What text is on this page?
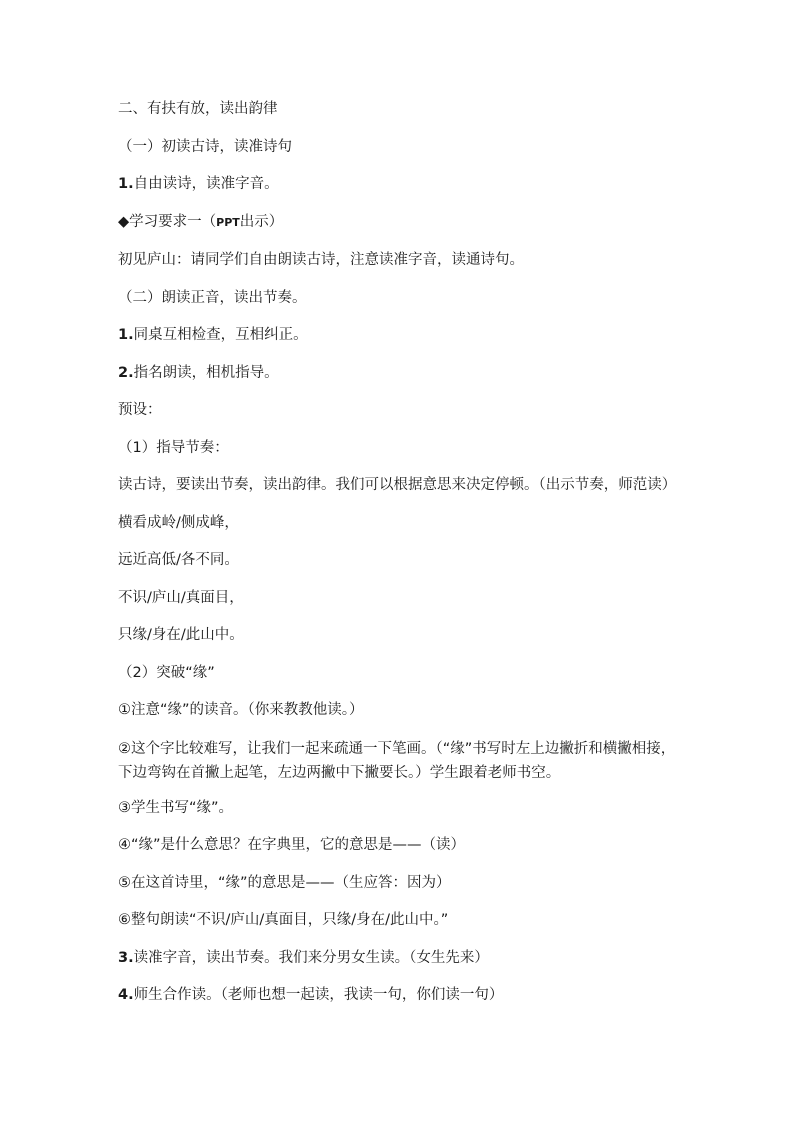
二、有扶有放，读出韵律

（一）初读古诗，读准诗句

1.自由读诗，读准字音。

◆学习要求一（PPT出示）

初见庐山：请同学们自由朗读古诗，注意读准字音，读通诗句。

（二）朗读正音，读出节奏。

1.同桌互相检查，互相纠正。

2.指名朗读，相机指导。

预设：

（1）指导节奏：

读古诗，要读出节奏，读出韵律。我们可以根据意思来决定停顿。（出示节奏，师范读）

横看成岭/侧成峰，

远近高低/各不同。

不识/庐山/真面目，

只缘/身在/此山中。

（2）突破“缘”

①注意“缘”的读音。（你来教教他读。）

②这个字比较难写，让我们一起来疏通一下笔画。（“缘”书写时左上边撇折和横撇相接，下边弯钩在首撇上起笔，左边两撇中下撇要长。）学生跟着老师书空。

③学生书写“缘”。

④“缘”是什么意思？在字典里，它的意思是——（读）

⑤在这首诗里，“缘”的意思是——（生应答：因为）

⑥整句朗读“不识/庐山/真面目，只缘/身在/此山中。”

3.读准字音，读出节奏。我们来分男女生读。（女生先来）

4.师生合作读。（老师也想一起读，我读一句，你们读一句）
